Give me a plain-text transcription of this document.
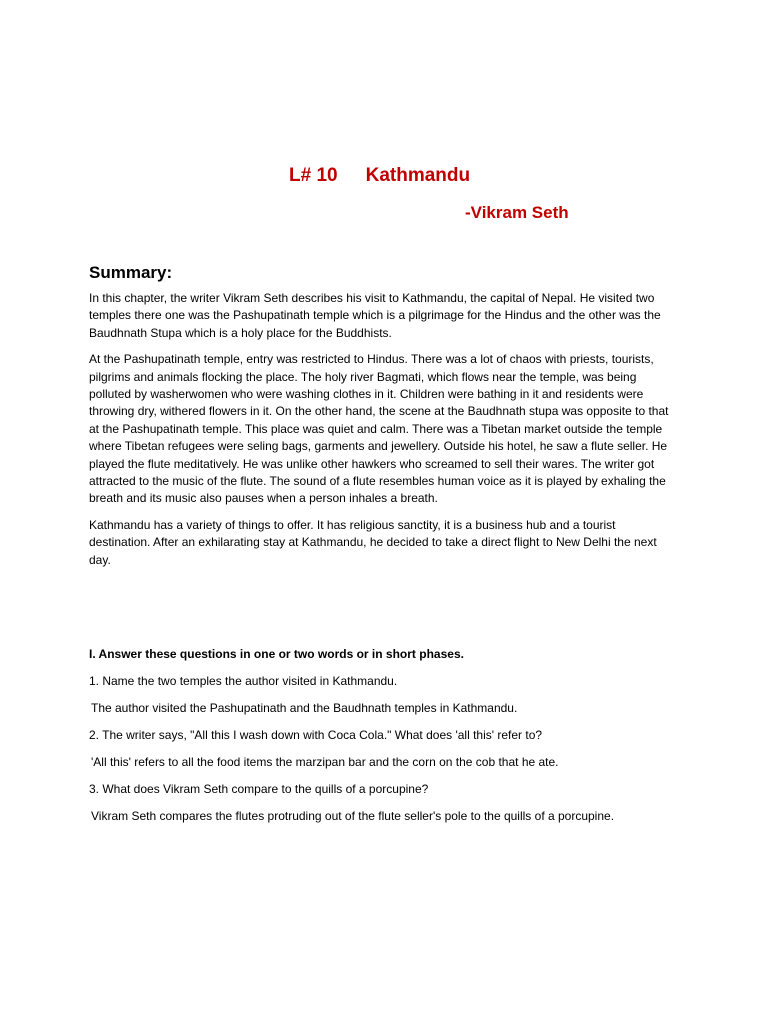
L# 10 Kathmandu
-Vikram Seth
Summary:

In this chapter, the writer Vikram Seth describes his visit to Kathmandu, the capital of Nepal. He visited two temples there one was the Pashupatinath temple which is a pilgrimage for the Hindus and the other was the Baudhnath Stupa which is a holy place for the Buddhists.

At the Pashupatinath temple, entry was restricted to Hindus. There was a lot of chaos with priests, tourists, pilgrims and animals flocking the place. The holy river Bagmati, which flows near the temple, was being polluted by washerwomen who were washing clothes in it. Children were bathing in it and residents were throwing dry, withered flowers in it. On the other hand, the scene at the Baudhnath stupa was opposite to that at the Pashupatinath temple. This place was quiet and calm. There was a Tibetan market outside the temple where Tibetan refugees were seling bags, garments and jewellery. Outside his hotel, he saw a flute seller. He played the flute meditatively. He was unlike other hawkers who screamed to sell their wares. The writer got attracted to the music of the flute. The sound of a flute resembles human voice as it is played by exhaling the breath and its music also pauses when a person inhales a breath.

Kathmandu has a variety of things to offer. It has religious sanctity, it is a business hub and a tourist destination. After an exhilarating stay at Kathmandu, he decided to take a direct flight to New Delhi the next day.

I. Answer these questions in one or two words or in short phases.
1. Name the two temples the author visited in Kathmandu.
The author visited the Pashupatinath and the Baudhnath temples in Kathmandu.
2. The writer says, "All this I wash down with Coca Cola." What does 'all this' refer to?
'All this' refers to all the food items the marzipan bar and the corn on the cob that he ate.
3. What does Vikram Seth compare to the quills of a porcupine?
Vikram Seth compares the flutes protruding out of the flute seller's pole to the quills of a porcupine.
